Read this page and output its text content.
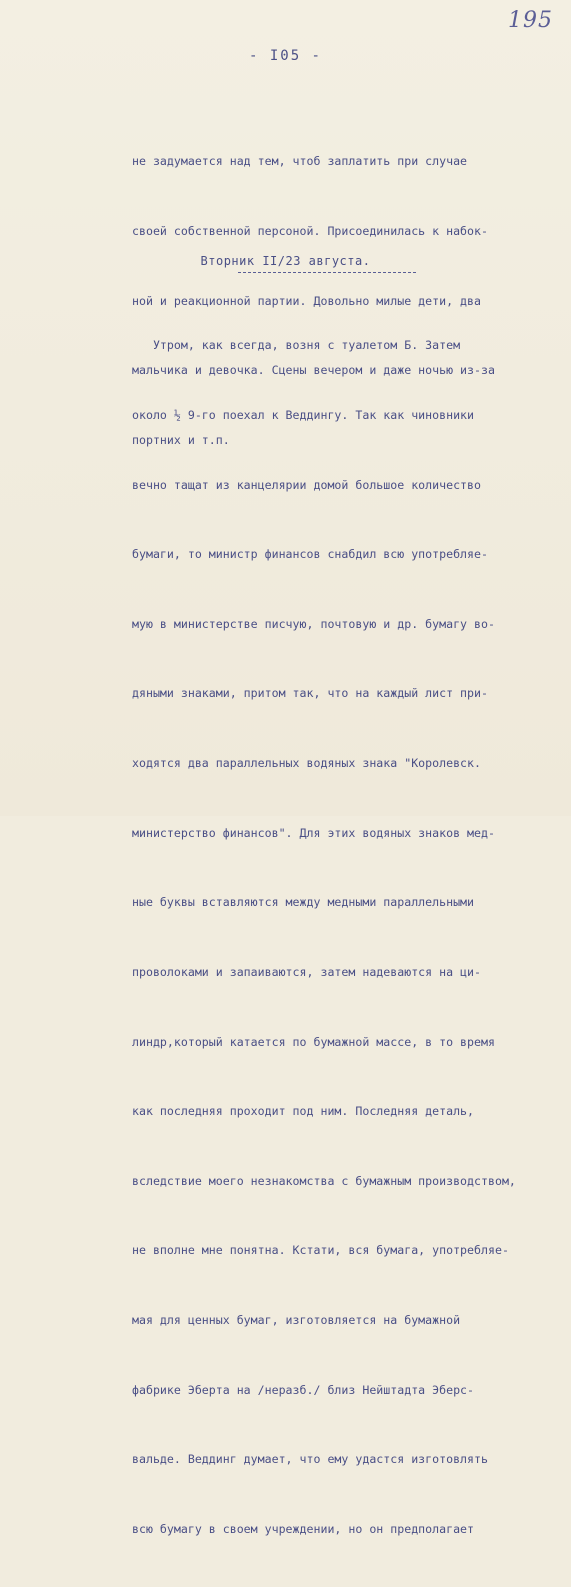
195
- I05 -

не задумается над тем, чтоб заплатить при случае

своей собственной персоной. Присоединилась к набок-

ной и реакционной партии. Довольно милые дети, два

мальчика и девочка. Сцены вечером и даже ночью из-за

портних и т.п.

Вторник II/23 августа.

Утром, как всегда, возня с туалетом Б. Затем

около ½ 9-го поехал к Веддингу. Так как чиновники

вечно тащат из канцелярии домой большое количество

бумаги, то министр финансов снабдил всю употребляе-

мую в министерстве писчую, почтовую и др. бумагу во-

дяными знаками, притом так, что на каждый лист при-

ходятся два параллельных водяных знака "Королевск.

министерство финансов". Для этих водяных знаков мед-

ные буквы вставляются между медными параллельными

проволоками и запаиваются, затем надеваются на ци-

линдр,который катается по бумажной массе, в то время

как последняя проходит под ним. Последняя деталь,

вследствие моего незнакомства с бумажным производством,

не вполне мне понятна. Кстати, вся бумага, употребляе-

мая для ценных бумаг, изготовляется на бумажной

фабрике Эберта на /неразб./ близ Нейштадта Эберс-

вальде. Веддинг думает, что ему удастся изготовлять

всю бумагу в своем учреждении, но он предполагает
